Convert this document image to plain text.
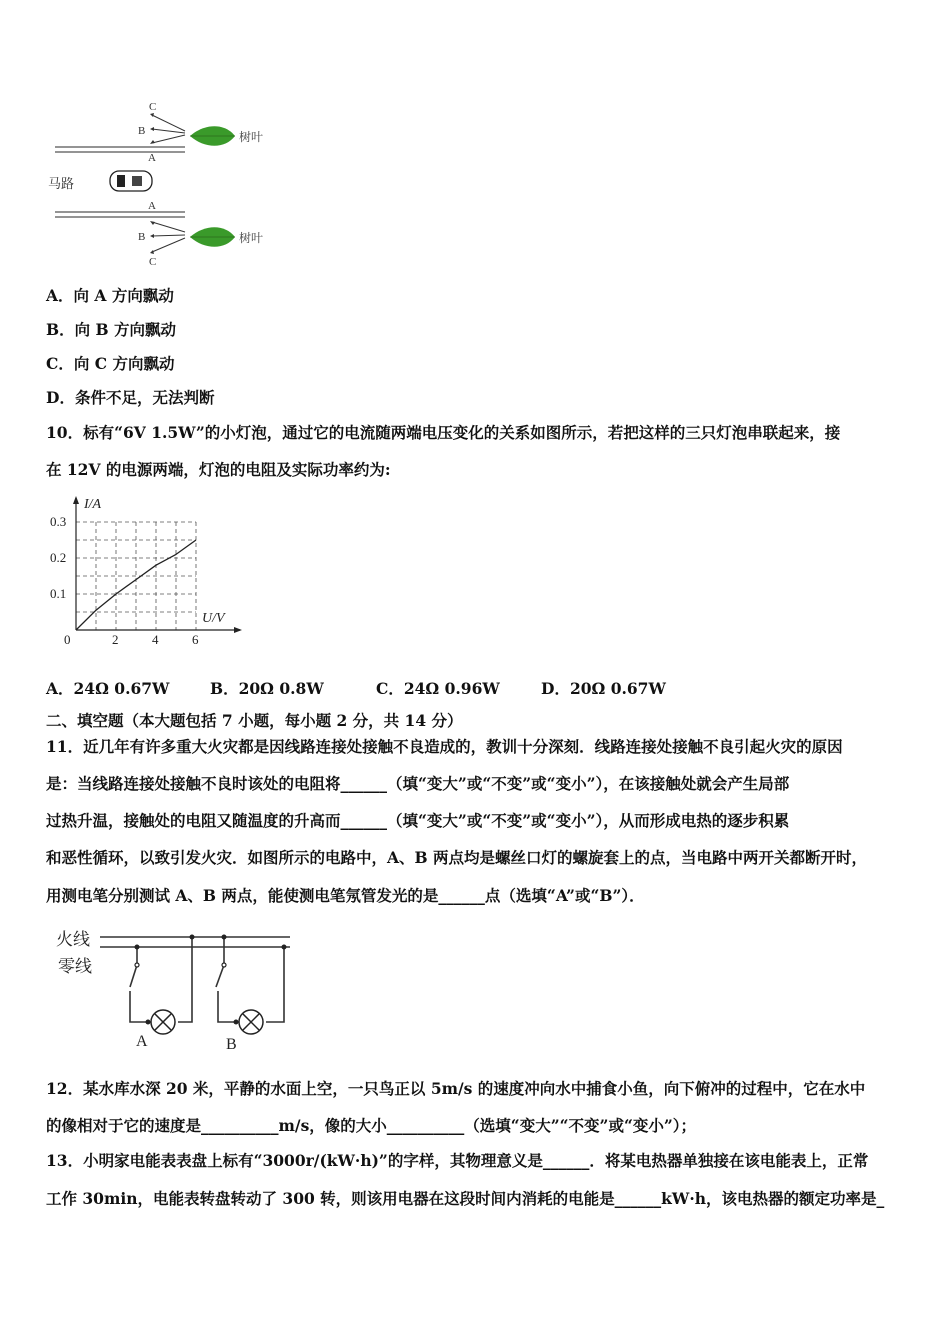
马路
C
B
A
树叶
A
B
C
树叶
A．向 A 方向飘动
B．向 B 方向飘动
C．向 C 方向飘动
D．条件不足，无法判断
10．标有“6V 1.5W”的小灯泡，通过它的电流随两端电压变化的关系如图所示，若把这样的三只灯泡串联起来，接
在 12V 的电源两端，灯泡的电阻及实际功率约为:
I/A
U/V
0	2	4	6
0.1
0.2
0.3
A．24Ω 0.67W	B．20Ω 0.8W	C．24Ω 0.96W	D．20Ω 0.67W
二、填空题（本大题包括 7 小题，每小题 2 分，共 14 分）
11．近几年有许多重大火灾都是因线路连接处接触不良造成的，教训十分深刻．线路连接处接触不良引起火灾的原因
是：当线路连接处接触不良时该处的电阻将______（填“变大”或“不变”或“变小”），在该接触处就会产生局部
过热升温，接触处的电阻又随温度的升高而______（填“变大”或“不变”或“变小”），从而形成电热的逐步积累
和恶性循环，以致引发火灾．如图所示的电路中，A、B 两点均是螺丝口灯的螺旋套上的点，当电路中两开关都断开时，
用测电笔分别测试 A、B 两点，能使测电笔氖管发光的是______点（选填“A”或“B”）．
火线
零线
A	B
12．某水库水深 20 米，平静的水面上空，一只鸟正以 5m/s 的速度冲向水中捕食小鱼，向下俯冲的过程中，它在水中
的像相对于它的速度是__________m/s，像的大小__________（选填“变大”“不变”或“变小”）；
13．小明家电能表表盘上标有“3000r/(kW·h)”的字样，其物理意义是______．将某电热器单独接在该电能表上，正常
工作 30min，电能表转盘转动了 300 转，则该用电器在这段时间内消耗的电能是______kW·h，该电热器的额定功率是_
